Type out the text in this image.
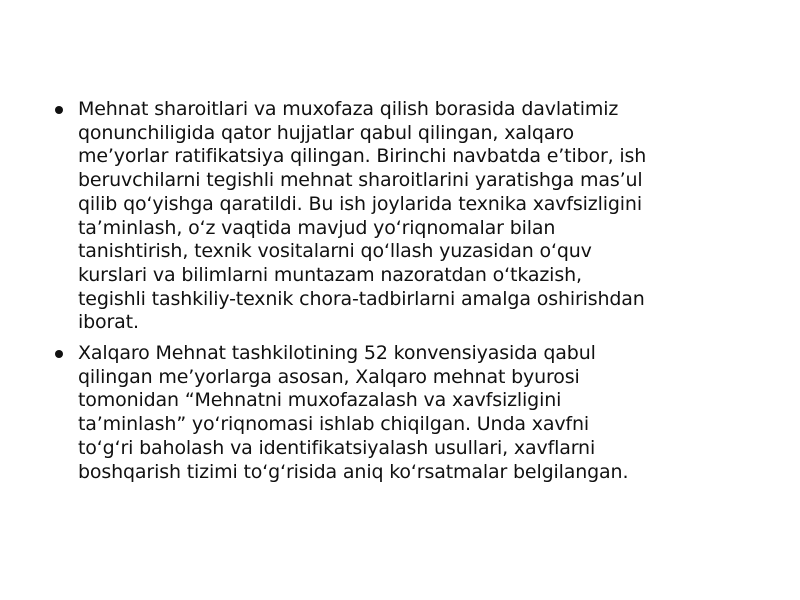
Mehnat sharoitlari va muxofaza qilish borasida davlatimiz
qonunchiligida qator hujjatlar qabul qilingan, xalqaro
me’yorlar ratifikatsiya qilingan. Birinchi navbatda e’tibor, ish
beruvchilarni tegishli mehnat sharoitlarini yaratishga mas’ul
qilib qo‘yishga qaratildi. Bu ish joylarida texnika xavfsizligini
ta’minlash, o‘z vaqtida mavjud yo‘riqnomalar bilan
tanishtirish, texnik vositalarni qo‘llash yuzasidan o‘quv
kurslari va bilimlarni muntazam nazoratdan o‘tkazish,
tegishli tashkiliy-texnik chora-tadbirlarni amalga oshirishdan
iborat.
Xalqaro Mehnat tashkilotining 52 konvensiyasida qabul
qilingan me’yorlarga asosan, Xalqaro mehnat byurosi
tomonidan “Mehnatni muxofazalash va xavfsizligini
ta’minlash” yo‘riqnomasi ishlab chiqilgan. Unda xavfni
to‘g‘ri baholash va identifikatsiyalash usullari, xavflarni
boshqarish tizimi to‘g‘risida aniq ko‘rsatmalar belgilangan.
